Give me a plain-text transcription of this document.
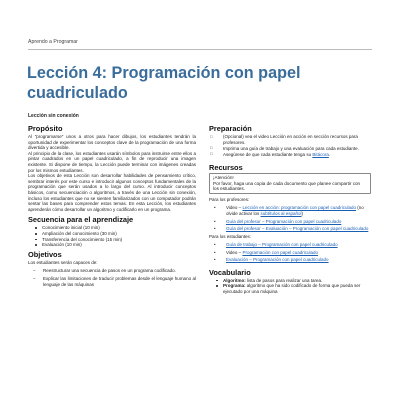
Aprendo a Programar
Lección 4: Programación con papel cuadriculado
Lección sin conexión
Propósito

Al "programarse" unos a otros para hacer dibujos, los estudiantes tendrán la oportunidad de experimentar los conceptos clave de la programación de una forma divertida y accesible.

Al principio de la clase, los estudiantes usarán símbolos para instruirse entre ellos a pintar cuadrados en un papel cuadriculado, a fin de reproducir una imagen existente. Si dispone de tiempo, la Lección puede terminar con imágenes creadas por los mismos estudiantes.

Los objetivos de esta Lección son desarrollar habilidades de pensamiento crítico, sembrar interés por este curso e introducir algunos conceptos fundamentales de la programación que serán usados a lo largo del curso. Al introducir conceptos básicos, como secuenciación o algoritmos, a través de una Lección sin conexión, incluso los estudiantes que no se sienten familiarizados con un computador podrán sentar las bases para comprender estos temas. En esta Lección, los estudiantes aprenderán cómo desarrollar un algoritmo y codificarlo en un programa.

Secuencia para el aprendizaje
Conocimiento inicial (10 min)
Ampliación del conocimiento (30 min)
Transferencia del conocimiento (15 min)
Evaluación (10 min)
Objetivos

Los estudiantes serán capaces de:

– Reestructurar una secuencia de pasos en un programa codificado.
– Explicar las limitaciones de traducir problemas desde el lenguaje humano al lenguaje de las máquinas
Preparación
□ (Opcional) vea el video Lección en acción en sección recursos para profesores.
□ Imprima una guía de trabajo y una evaluación para cada estudiante.
□ Asegúrese de que cada estudiante tenga su Bitácora.
Recursos
¡Atención!
Por favor, haga una copia de cada documento que planee compartir con los estudiantes.

Para los profesores:

• Video – Lección en acción: programación con papel cuadriculado (no olvide activar los subtítulos al español)
• Guía del profesor – Programación con papel cuadriculado
• Guía del profesor – Evaluación – Programación con papel cuadriculado

Para los estudiantes:

• Guía de trabajo – Programación con papel cuadriculado
• Video – Programación con papel cuadriculado
• Evaluación – Programación con papel cuadriculado
Vocabulario
Algoritmo: lista de pasos para realizar una tarea.
Programa: algoritmo que ha sido codificado de forma que pueda ser ejecutado por una máquina
